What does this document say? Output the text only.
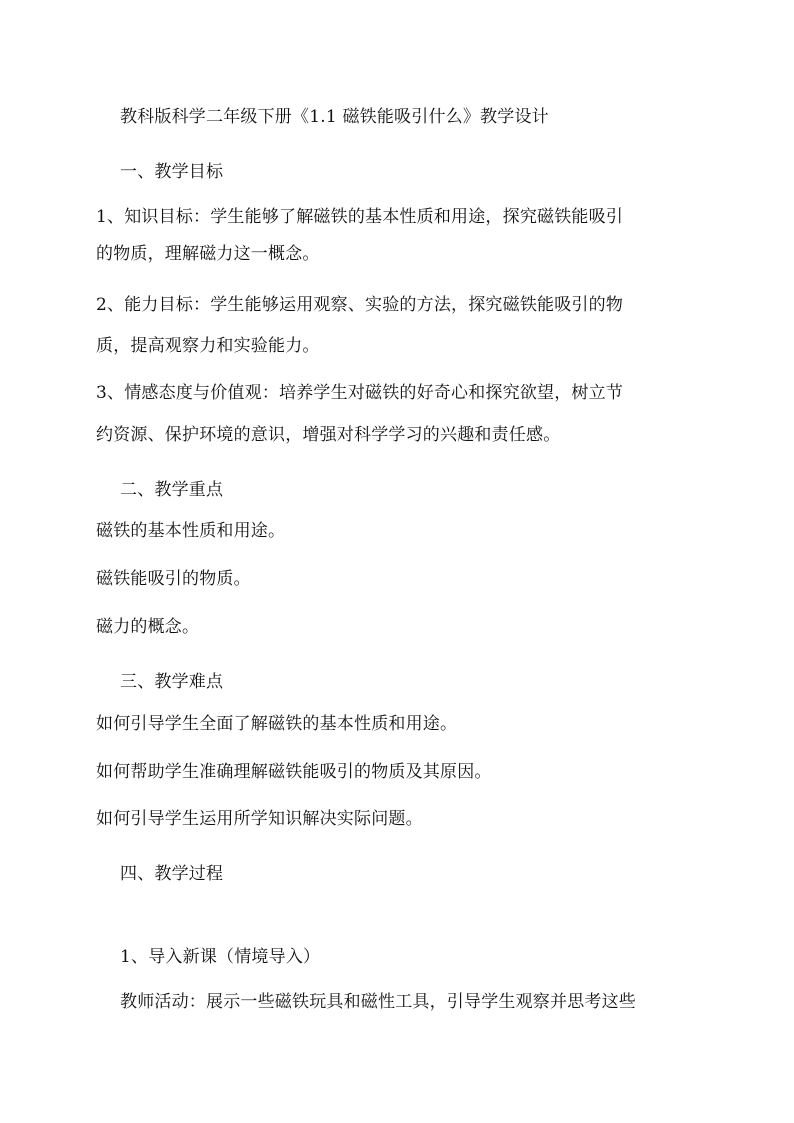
教科版科学二年级下册《1.1 磁铁能吸引什么》教学设计

一、教学目标

1、知识目标：学生能够了解磁铁的基本性质和用途，探究磁铁能吸引

的物质，理解磁力这一概念。

2、能力目标：学生能够运用观察、实验的方法，探究磁铁能吸引的物

质，提高观察力和实验能力。

3、情感态度与价值观：培养学生对磁铁的好奇心和探究欲望，树立节

约资源、保护环境的意识，增强对科学学习的兴趣和责任感。

二、教学重点

磁铁的基本性质和用途。

磁铁能吸引的物质。

磁力的概念。

三、教学难点

如何引导学生全面了解磁铁的基本性质和用途。

如何帮助学生准确理解磁铁能吸引的物质及其原因。

如何引导学生运用所学知识解决实际问题。

四、教学过程

1、导入新课（情境导入）

教师活动：展示一些磁铁玩具和磁性工具，引导学生观察并思考这些
